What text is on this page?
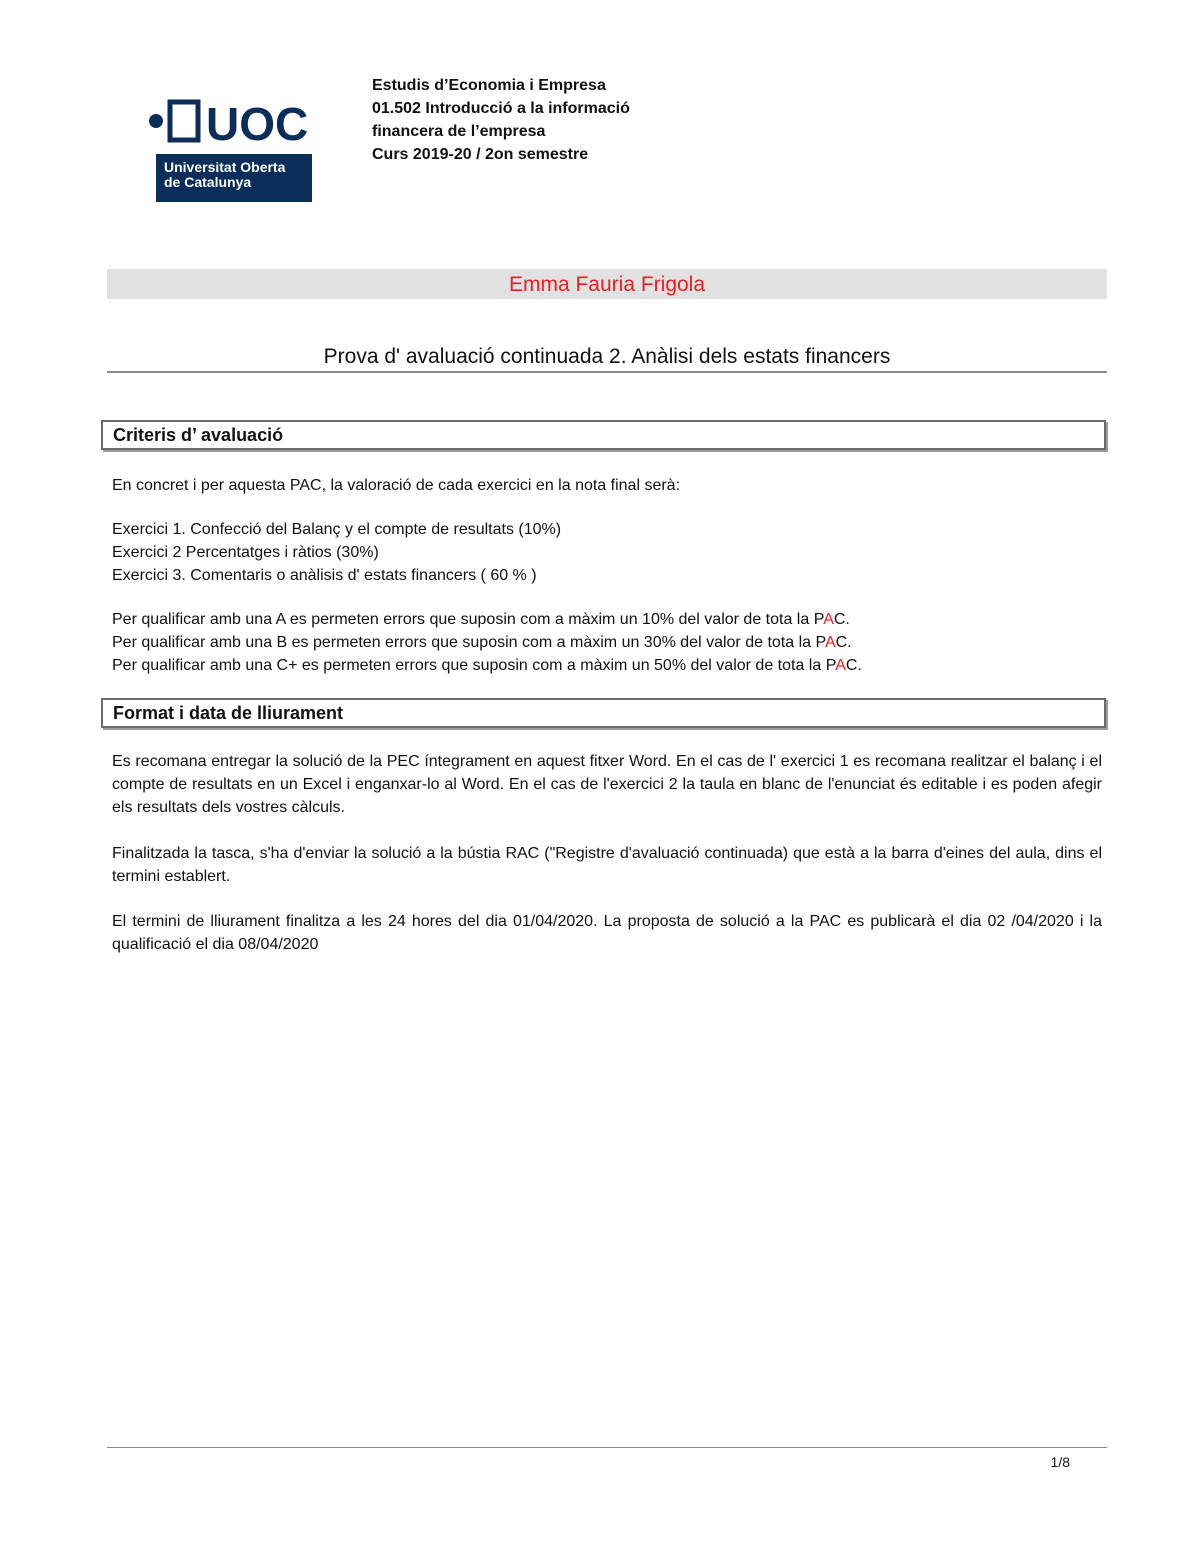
UOC
Universitat Oberta
de Catalunya
Estudis d’Economia i Empresa
01.502 Introducció a la informació
financera de l’empresa
Curs 2019-20 / 2on semestre
Emma Fauria Frigola
Prova d' avaluació continuada 2. Anàlisi dels estats financers
Criteris d’ avaluació
En concret i per aquesta PAC, la valoració de cada exercici en la nota final serà:
Exercici 1. Confecció del Balanç y el compte de resultats (10%)
Exercici 2 Percentatges i ràtios (30%)
Exercici 3. Comentaris o anàlisis d' estats financers ( 60 % )
Per qualificar amb una A es permeten errors que suposin com a màxim un 10% del valor de tota la PAC.
Per qualificar amb una B es permeten errors que suposin com a màxim un 30% del valor de tota la PAC.
Per qualificar amb una C+ es permeten errors que suposin com a màxim un 50% del valor de tota la PAC.
Format i data de lliurament
Es recomana entregar la solució de la PEC íntegrament en aquest fitxer Word. En el cas de l' exercici 1 es recomana realitzar el balanç i el compte de resultats en un Excel i enganxar-lo al Word. En el cas de l'exercici 2 la taula en blanc de l'enunciat és editable i es poden afegir els resultats dels vostres càlculs.
Finalitzada la tasca, s'ha d'enviar la solució a la bústia RAC ("Registre d'avaluació continuada) que està a la barra d'eines del aula, dins el termini establert.
El termini de lliurament finalitza a les 24 hores del dia 01/04/2020. La proposta de solució a la PAC es publicarà el dia 02 /04/2020 i la qualificació el dia 08/04/2020
1/8
